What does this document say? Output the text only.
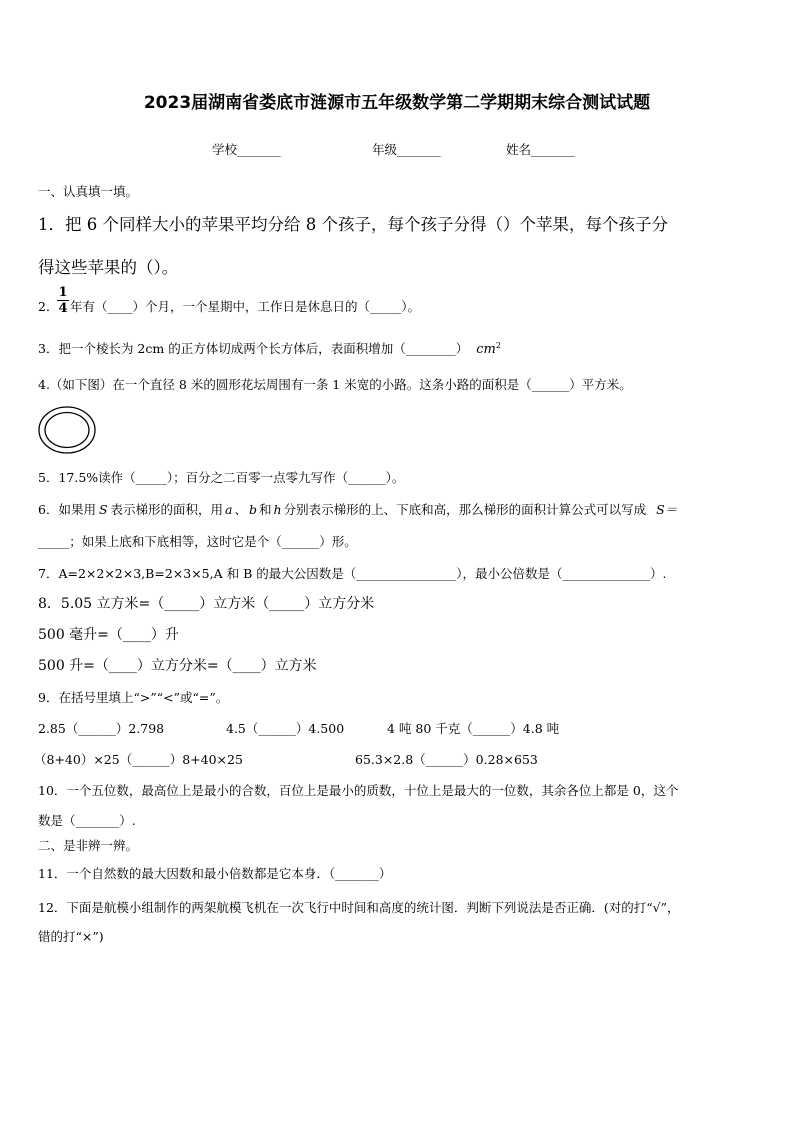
2023届湖南省娄底市涟源市五年级数学第二学期期末综合测试试题
学校_______	年级_______	姓名_______
一、认真填一填。
1．把 6 个同样大小的苹果平均分给 8 个孩子，每个孩子分得（）个苹果，每个孩子分
得这些苹果的（）。
2．
1
4 年有（____）个月，一个星期中，工作日是休息日的（_____）。
3．把一个棱长为 2cm 的正方体切成两个长方体后，表面积增加（________） $cm^2$
4.（如下图）在一个直径 8 米的圆形花坛周围有一条 1 米宽的小路。这条小路的面积是（______）平方米。
5．17.5%读作（_____）；百分之二百零一点零九写作（______）。
6．如果用 S 表示梯形的面积，用 a 、 b 和 h 分别表示梯形的上、下底和高，那么梯形的面积计算公式可以写成 S＝
_____；如果上底和下底相等，这时它是个（______）形。
7．A=2×2×2×3,B=2×3×5,A 和 B 的最大公因数是（________________），最小公倍数是（______________）.
8．5.05 立方米=（_____）立方米（_____）立方分米
500 毫升=（____）升
500 升=（____）立方分米=（____）立方米
9．在括号里填上“>”“<”或“=”。
2.85（______）2.798	4.5（______）4.500	4 吨 80 千克（______）4.8 吨
（8+40）×25（______）8+40×25	65.3×2.8（______）0.28×653
10．一个五位数，最高位上是最小的合数，百位上是最小的质数，十位上是最大的一位数，其余各位上都是 0，这个
数是（_______）.
二、是非辨一辨。
11．一个自然数的最大因数和最小倍数都是它本身．（_______）
12．下面是航模小组制作的两架航模飞机在一次飞行中时间和高度的统计图．判断下列说法是否正确．(对的打“√”，
错的打“×”)
